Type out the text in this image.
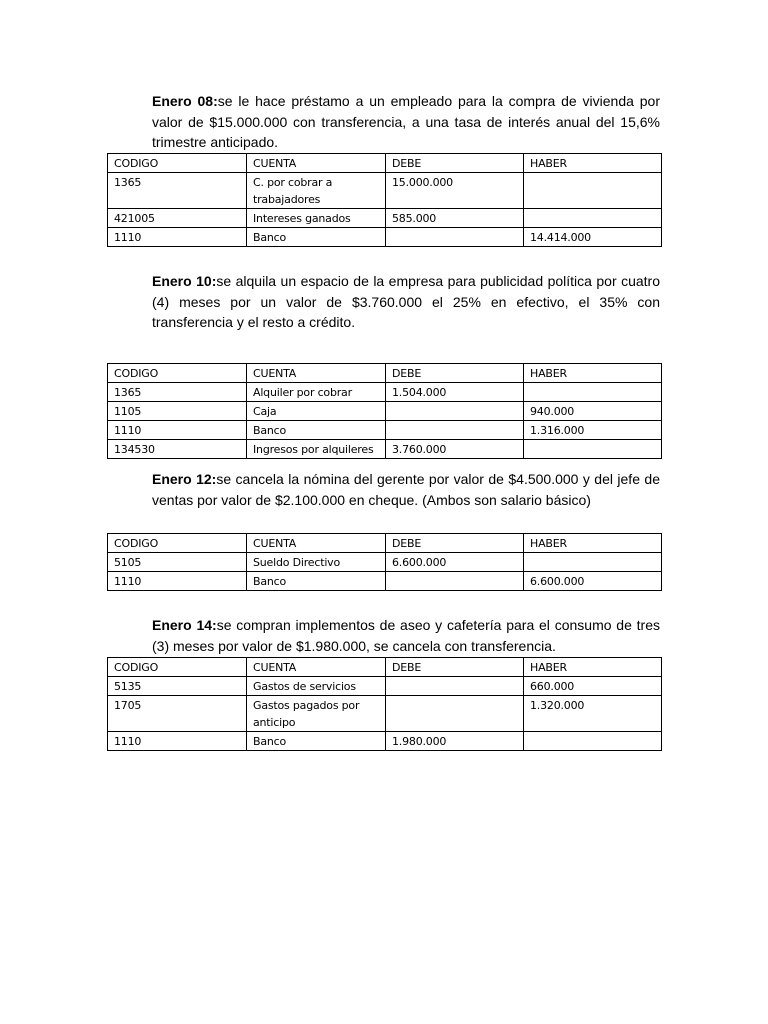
Enero 08:se le hace préstamo a un empleado para la compra de vivienda por valor de $15.000.000 con transferencia, a una tasa de interés anual del 15,6% trimestre anticipado.

CODIGO	CUENTA	DEBE	HABER
1365	C. por cobrar a trabajadores	15.000.000	
421005	Intereses ganados	585.000	
1110	Banco		14.414.000

Enero 10:se alquila un espacio de la empresa para publicidad política por cuatro (4) meses por un valor de $3.760.000 el 25% en efectivo, el 35% con transferencia y el resto a crédito.

CODIGO	CUENTA	DEBE	HABER
1365	Alquiler por cobrar	1.504.000	
1105	Caja		940.000
1110	Banco		1.316.000
134530	Ingresos por alquileres	3.760.000	

Enero 12:se cancela la nómina del gerente por valor de $4.500.000 y del jefe de ventas por valor de $2.100.000 en cheque. (Ambos son salario básico)

CODIGO	CUENTA	DEBE	HABER
5105	Sueldo Directivo	6.600.000	
1110	Banco		6.600.000

Enero 14:se compran implementos de aseo y cafetería para el consumo de tres (3) meses por valor de $1.980.000, se cancela con transferencia.

CODIGO	CUENTA	DEBE	HABER
5135	Gastos de servicios		660.000
1705	Gastos pagados por anticipo		1.320.000
1110	Banco	1.980.000	
